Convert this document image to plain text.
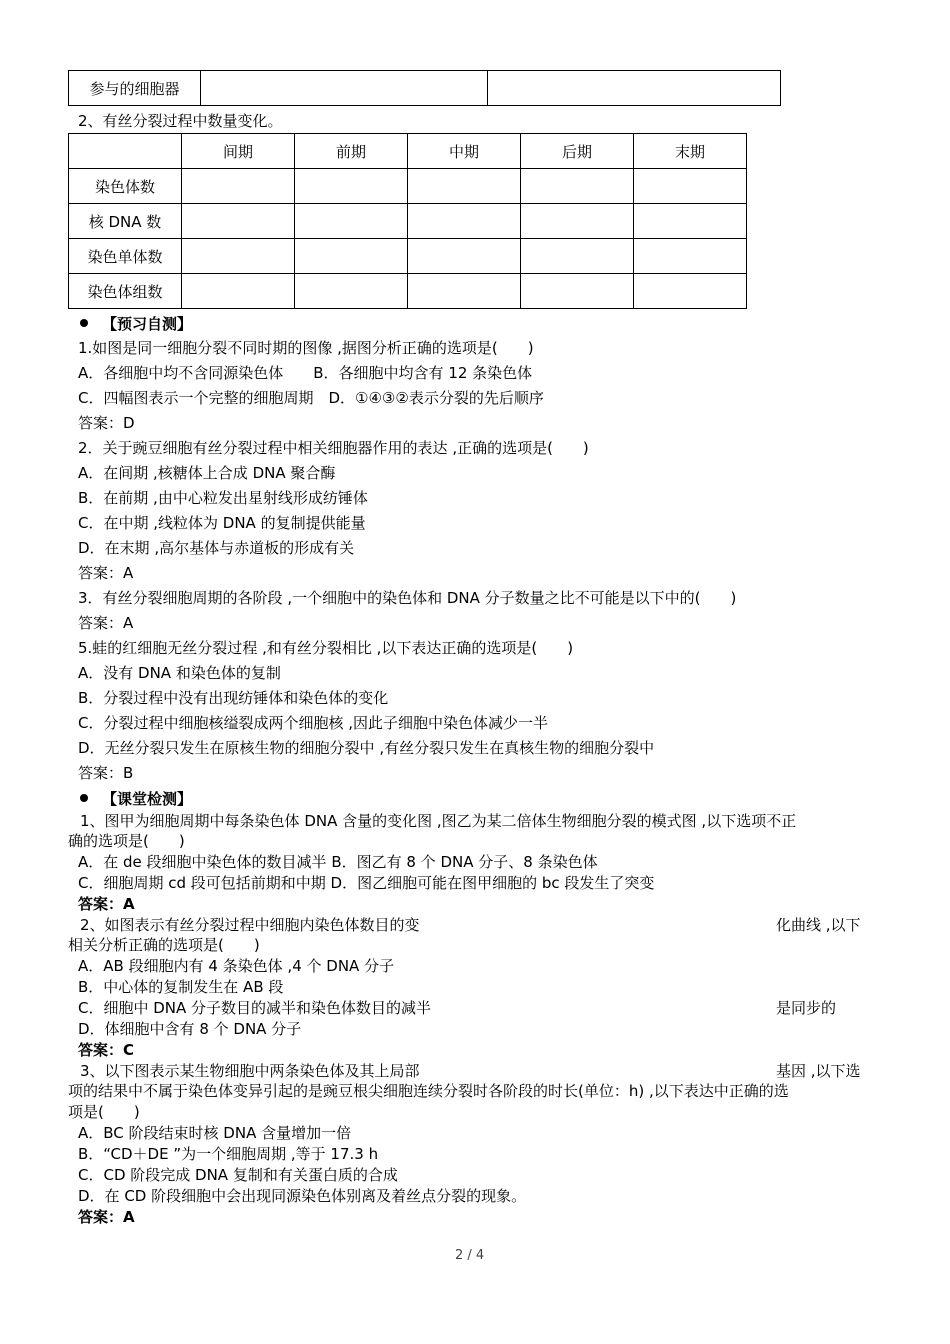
参与的细胞器		
2、有丝分裂过程中数量变化。
	间期	前期	中期	后期	末期
染色体数					
核 DNA 数					
染色单体数					
染色体组数					
【预习自测】
1.如图是同一细胞分裂不同时期的图像 ,据图分析正确的选项是(　　)
A．各细胞中均不含同源染色体　　B．各细胞中均含有 12 条染色体
C．四幅图表示一个完整的细胞周期　D．①④③②表示分裂的先后顺序
答案：D
2．关于豌豆细胞有丝分裂过程中相关细胞器作用的表达 ,正确的选项是(　　)
A．在间期 ,核糖体上合成 DNA 聚合酶
B．在前期 ,由中心粒发出星射线形成纺锤体
C．在中期 ,线粒体为 DNA 的复制提供能量
D．在末期 ,高尔基体与赤道板的形成有关
答案：A
3．有丝分裂细胞周期的各阶段 ,一个细胞中的染色体和 DNA 分子数量之比不可能是以下中的(　　)
答案：A
5.蛙的红细胞无丝分裂过程 ,和有丝分裂相比 ,以下表达正确的选项是(　　)
A．没有 DNA 和染色体的复制
B．分裂过程中没有出现纺锤体和染色体的变化
C．分裂过程中细胞核缢裂成两个细胞核 ,因此子细胞中染色体减少一半
D．无丝分裂只发生在原核生物的细胞分裂中 ,有丝分裂只发生在真核生物的细胞分裂中
答案：B
【课堂检测】
1、图甲为细胞周期中每条染色体 DNA 含量的变化图 ,图乙为某二倍体生物细胞分裂的模式图 ,以下选项不正
确的选项是(　　)
A．在 de 段细胞中染色体的数目减半 B．图乙有 8 个 DNA 分子、8 条染色体
C．细胞周期 cd 段可包括前期和中期 D．图乙细胞可能在图甲细胞的 bc 段发生了突变
答案：A
2、如图表示有丝分裂过程中细胞内染色体数目的变	化曲线 ,以下
相关分析正确的选项是(　　)
A．AB 段细胞内有 4 条染色体 ,4 个 DNA 分子
B．中心体的复制发生在 AB 段
C．细胞中 DNA 分子数目的减半和染色体数目的减半	是同步的
D．体细胞中含有 8 个 DNA 分子
答案：C
3、以下图表示某生物细胞中两条染色体及其上局部	基因 ,以下选
项的结果中不属于染色体变异引起的是豌豆根尖细胞连续分裂时各阶段的时长(单位：h) ,以下表达中正确的选
项是(　　)
A．BC 阶段结束时核 DNA 含量增加一倍
B．“CD＋DE ”为一个细胞周期 ,等于 17.3 h
C．CD 阶段完成 DNA 复制和有关蛋白质的合成
D．在 CD 阶段细胞中会出现同源染色体别离及着丝点分裂的现象。
答案：A
2 / 4
